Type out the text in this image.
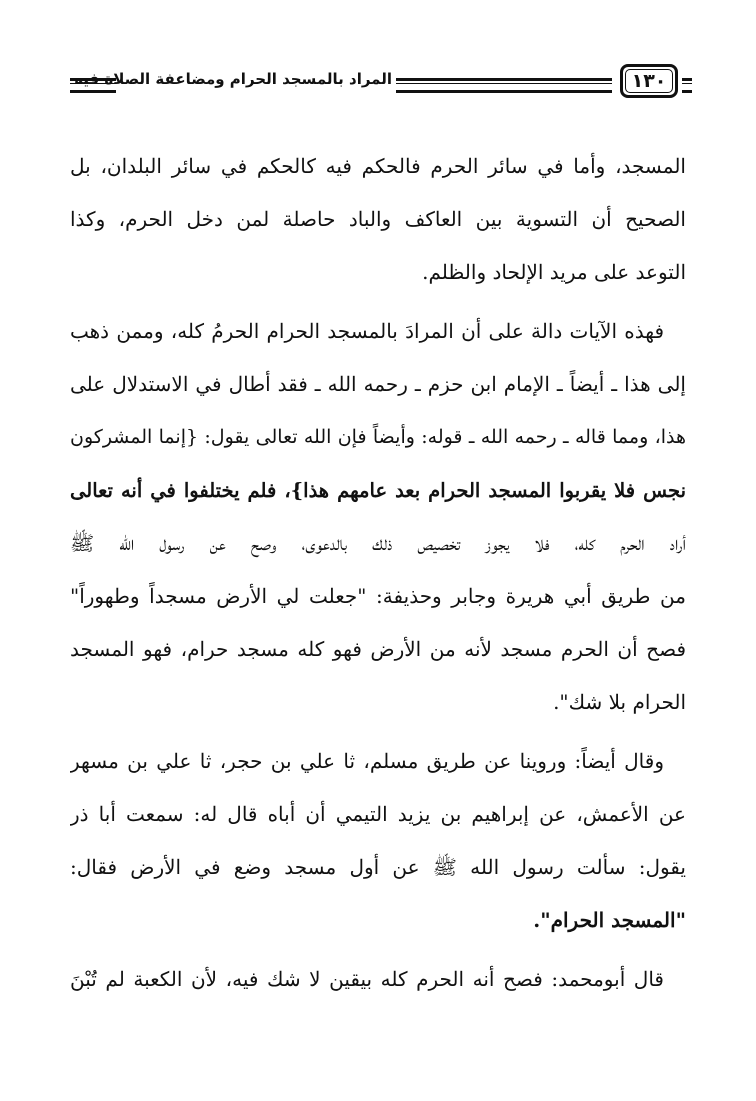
المراد بالمسجد الحرام ومضاعفة الصلاة فيه	١٣٠
المسجد، وأما في سائر الحرم فالحكم فيه كالحكم في سائر البلدان، بل
الصحيح أن التسوية بين العاكف والباد حاصلة لمن دخل الحرم، وكذا
التوعد على مريد الإلحاد والظلم.
فهذه الآيات دالة على أن المرادَ بالمسجد الحرام الحرمُ كله، وممن ذهب
إلى هذا ـ أيضاً ـ الإمام ابن حزم ـ رحمه الله ـ فقد أطال في الاستدلال على
هذا، ومما قاله ـ رحمه الله ـ قوله: وأيضاً فإن الله تعالى يقول: {إنما المشركون
نجس فلا يقربوا المسجد الحرام بعد عامهم هذا}، فلم يختلفوا في أنه تعالى
أراد الحرم كله، فلا يجوز تخصيص ذلك بالدعوى، وصح عن رسول الله ﷺ
من طريق أبي هريرة وجابر وحذيفة: "جعلت لي الأرض مسجداً وطهوراً"
فصح أن الحرم مسجد لأنه من الأرض فهو كله مسجد حرام، فهو المسجد
الحرام بلا شك".
وقال أيضاً: وروينا عن طريق مسلم، ثا علي بن حجر، ثا علي بن مسهر
عن الأعمش، عن إبراهيم بن يزيد التيمي أن أباه قال له: سمعت أبا ذر
يقول: سألت رسول الله ﷺ عن أول مسجد وضع في الأرض فقال:
"المسجد الحرام".
قال أبومحمد: فصح أنه الحرم كله بيقين لا شك فيه، لأن الكعبة لم تُبْنَ
